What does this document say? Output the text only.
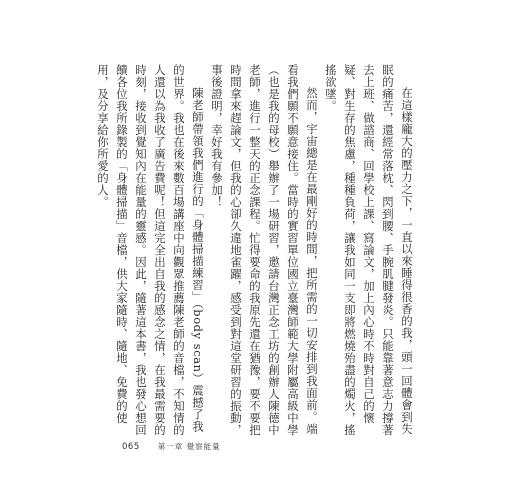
在這樣龐大的壓力之下，一直以來睡得很香的我，頭一回體會到失眠的痛苦，還經常落枕、閃到腰、手腕肌腱發炎。只能靠著意志力撐著去上班、做諮商、回學校上課、寫論文，加上內心時不時對自己的懷疑、對生存的焦慮，種種負荷，讓我如同一支即將燃燒殆盡的燭火，搖搖欲墜。

然而，宇宙總是在最剛好的時間，把所需的一切安排到我面前。端看我們願不願意接住。當時的實習單位國立臺灣師範大學附屬高級中學（也是我的母校）舉辦了一場研習，邀請台灣正念工坊的創辦人陳德中老師，進行一整天的正念課程。忙得要命的我原先還在猶豫，要不要把時間拿來趕論文，但我的心卻久違地雀躍，感受到對這堂研習的振動，事後證明，幸好我有參加！

陳老師帶領我們進行的「身體掃描練習」（body scan）震撼了我的世界。我也在後來數百場講座中向觀眾推薦陳老師的音檔，不知情的人還以為我收了廣告費呢！但這完全出自我的感念之情，在我最需要的時刻，接收到覺知內在能量的靈感。因此，隨著這本書，我也發心想回饋各位我所錄製的「身體掃描」音檔，供大家隨時、隨地、免費的使用，及分享給你所愛的人。

065 第一章 覺察能量
